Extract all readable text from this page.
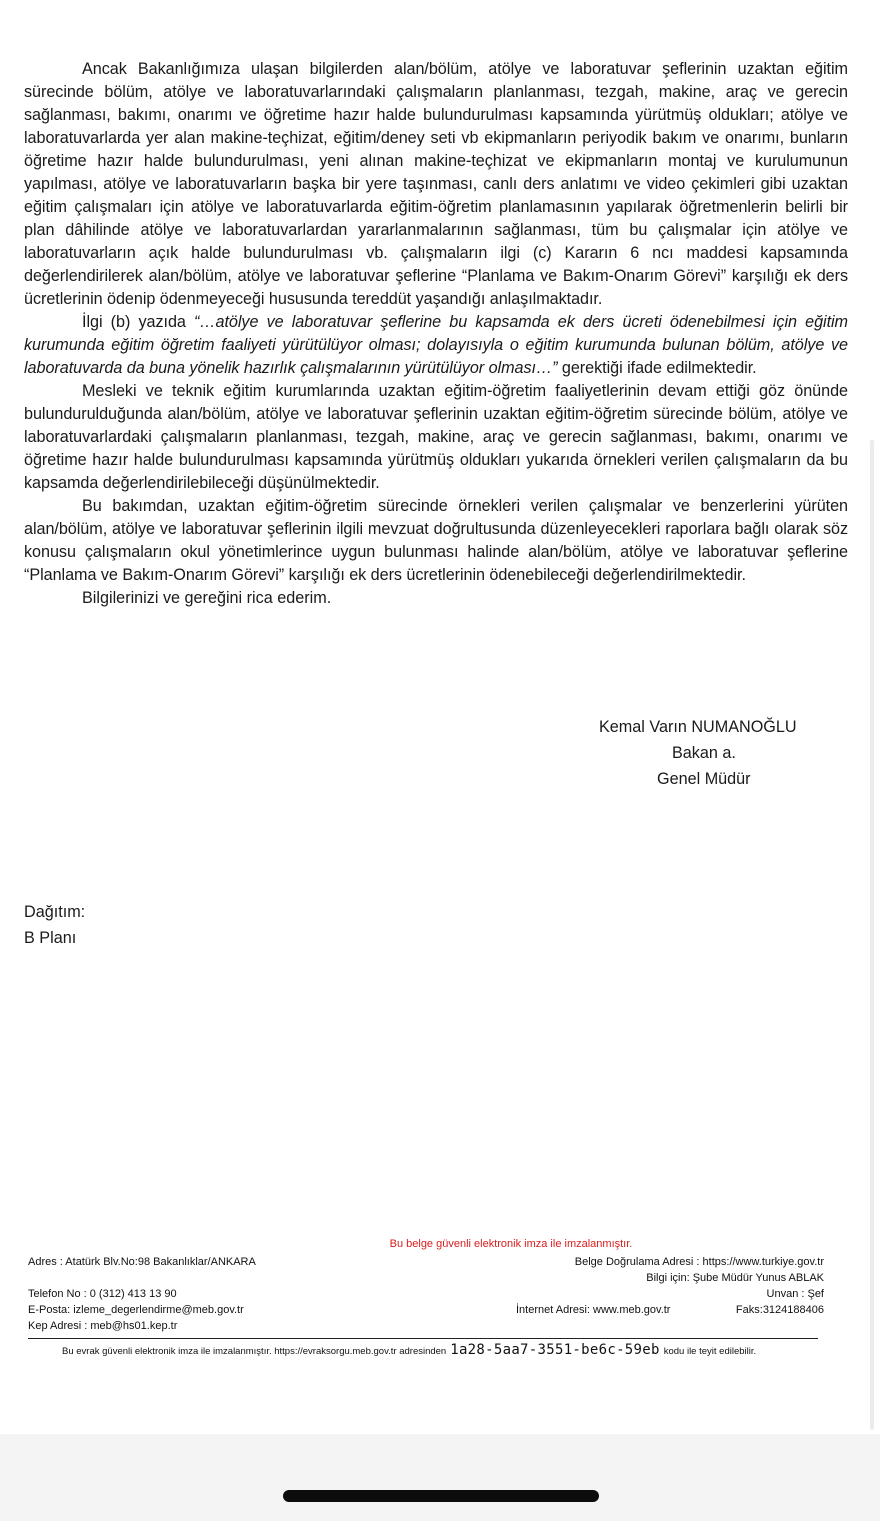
Ancak Bakanlığımıza ulaşan bilgilerden alan/bölüm, atölye ve laboratuvar şeflerinin uzaktan eğitim sürecinde bölüm, atölye ve laboratuvarlarındaki çalışmaların planlanması, tezgah, makine, araç ve gerecin sağlanması, bakımı, onarımı ve öğretime hazır halde bulundurulması kapsamında yürütmüş oldukları; atölye ve laboratuvarlarda yer alan makine-teçhizat, eğitim/deney seti vb ekipmanların periyodik bakım ve onarımı, bunların öğretime hazır halde bulundurulması, yeni alınan makine-teçhizat ve ekipmanların montaj ve kurulumunun yapılması, atölye ve laboratuvarların başka bir yere taşınması, canlı ders anlatımı ve video çekimleri gibi uzaktan eğitim çalışmaları için atölye ve laboratuvarlarda eğitim-öğretim planlamasının yapılarak öğretmenlerin belirli bir plan dâhilinde atölye ve laboratuvarlardan yararlanmalarının sağlanması, tüm bu çalışmalar için atölye ve laboratuvarların açık halde bulundurulması vb. çalışmaların ilgi (c) Kararın 6 ncı maddesi kapsamında değerlendirilerek alan/bölüm, atölye ve laboratuvar şeflerine “Planlama ve Bakım-Onarım Görevi” karşılığı ek ders ücretlerinin ödenip ödenmeyeceği hususunda tereddüt yaşandığı anlaşılmaktadır.

İlgi (b) yazıda “…atölye ve laboratuvar şeflerine bu kapsamda ek ders ücreti ödenebilmesi için eğitim kurumunda eğitim öğretim faaliyeti yürütülüyor olması; dolayısıyla o eğitim kurumunda bulunan bölüm, atölye ve laboratuvarda da buna yönelik hazırlık çalışmalarının yürütülüyor olması…” gerektiği ifade edilmektedir.

Mesleki ve teknik eğitim kurumlarında uzaktan eğitim-öğretim faaliyetlerinin devam ettiği göz önünde bulundurulduğunda alan/bölüm, atölye ve laboratuvar şeflerinin uzaktan eğitim-öğretim sürecinde bölüm, atölye ve laboratuvarlardaki çalışmaların planlanması, tezgah, makine, araç ve gerecin sağlanması, bakımı, onarımı ve öğretime hazır halde bulundurulması kapsamında yürütmüş oldukları yukarıda örnekleri verilen çalışmaların da bu kapsamda değerlendirilebileceği düşünülmektedir.

Bu bakımdan, uzaktan eğitim-öğretim sürecinde örnekleri verilen çalışmalar ve benzerlerini yürüten alan/bölüm, atölye ve laboratuvar şeflerinin ilgili mevzuat doğrultusunda düzenleyecekleri raporlara bağlı olarak söz konusu çalışmaların okul yönetimlerince uygun bulunması halinde alan/bölüm, atölye ve laboratuvar şeflerine “Planlama ve Bakım-Onarım Görevi” karşılığı ek ders ücretlerinin ödenebileceği değerlendirilmektedir.

Bilgilerinizi ve gereğini rica ederim.

Kemal Varın NUMANOĞLU
Bakan a.
Genel Müdür
Dağıtım:
B Planı
Bu belge güvenli elektronik imza ile imzalanmıştır.
Adres : Atatürk Blv.No:98 Bakanlıklar/ANKARA	Belge Doğrulama Adresi : https://www.turkiye.gov.tr
Bilgi için: Şube Müdür Yunus ABLAK
Telefon No : 0 (312) 413 13 90	Unvan : Şef
E-Posta: izleme_degerlendirme@meb.gov.tr	İnternet Adresi: www.meb.gov.tr	Faks:3124188406
Kep Adresi : meb@hs01.kep.tr
Bu evrak güvenli elektronik imza ile imzalanmıştır. https://evraksorgu.meb.gov.tr adresinden 1a28-5aa7-3551-be6c-59eb kodu ile teyit edilebilir.
